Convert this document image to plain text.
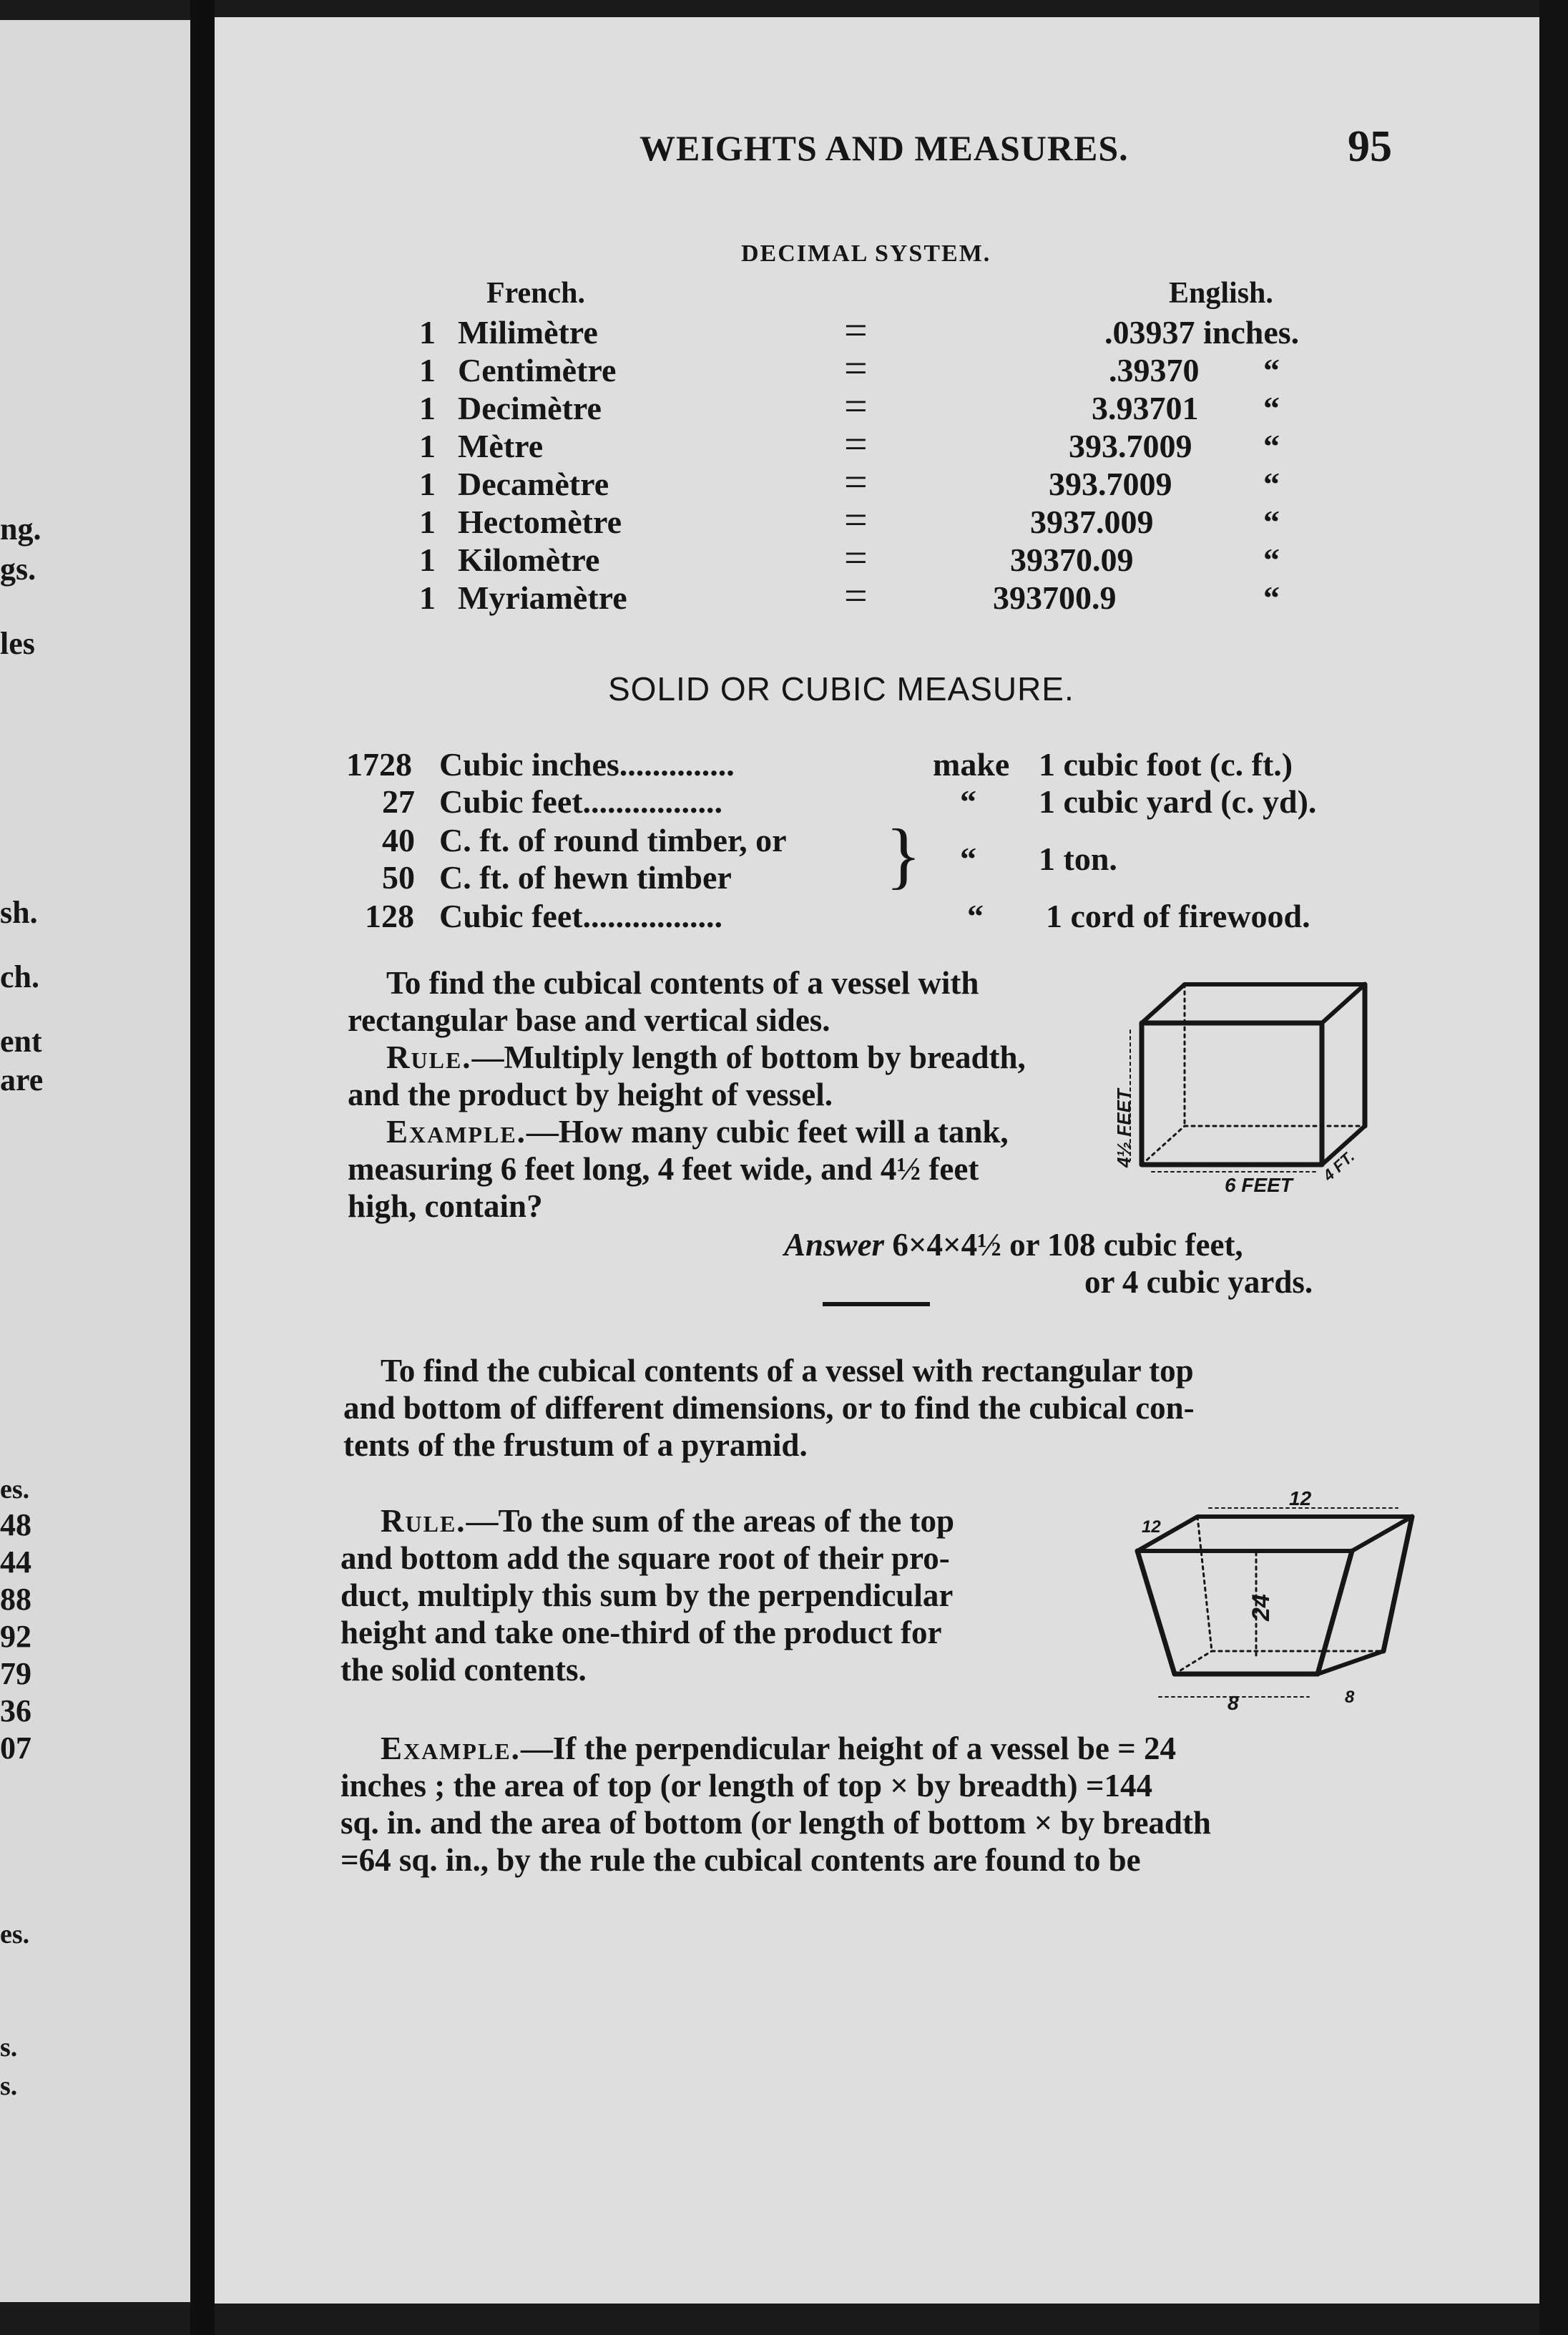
ng.
gs.
les
sh.
ch.
ent
are
es.
48
44
88
92
79
36
07
es.
s.
s.
WEIGHTS AND MEASURES.	95
DECIMAL SYSTEM.
French.	English.
1 Milimètre	=	.03937 inches.
1 Centimètre	=	.39370 “
1 Decimètre	=	3.93701 “
1 Mètre	=	393.7009 “
1 Decamètre	=	393.7009	“
1 Hectomètre	=	3937.009	“
1 Kilomètre	=	39370.09	“
1 Myriamètre	=	393700.9	“
SOLID OR CUBIC MEASURE.
1728 Cubic inches..............	make 1 cubic foot (c. ft.)
27 Cubic feet.................	“ 1 cubic yard (c. yd).
40 C. ft. of round timber, or
50 C. ft. of hewn timber } “ 1 ton.
128 Cubic feet.................	“ 1 cord of firewood.
To find the cubical contents of a vessel with
rectangular base and vertical sides.
Rule.—Multiply length of bottom by breadth,
and the product by height of vessel.
Example.—How many cubic feet will a tank,
measuring 6 feet long, 4 feet wide, and 4½ feet
high, contain?
Answer 6×4×4½ or 108 cubic feet,
or 4 cubic yards.
6 FEET
4½ FEET	4 FT.
To find the cubical contents of a vessel with rectangular top
and bottom of different dimensions, or to find the cubical con-
tents of the frustum of a pyramid.
Rule.—To the sum of the areas of the top
and bottom add the square root of their pro-
duct, multiply this sum by the perpendicular
height and take one-third of the product for
the solid contents.
12
12
24
8	8
Example.—If the perpendicular height of a vessel be = 24
inches ; the area of top (or length of top × by breadth) =144
sq. in. and the area of bottom (or length of bottom × by breadth
=64 sq. in., by the rule the cubical contents are found to be
